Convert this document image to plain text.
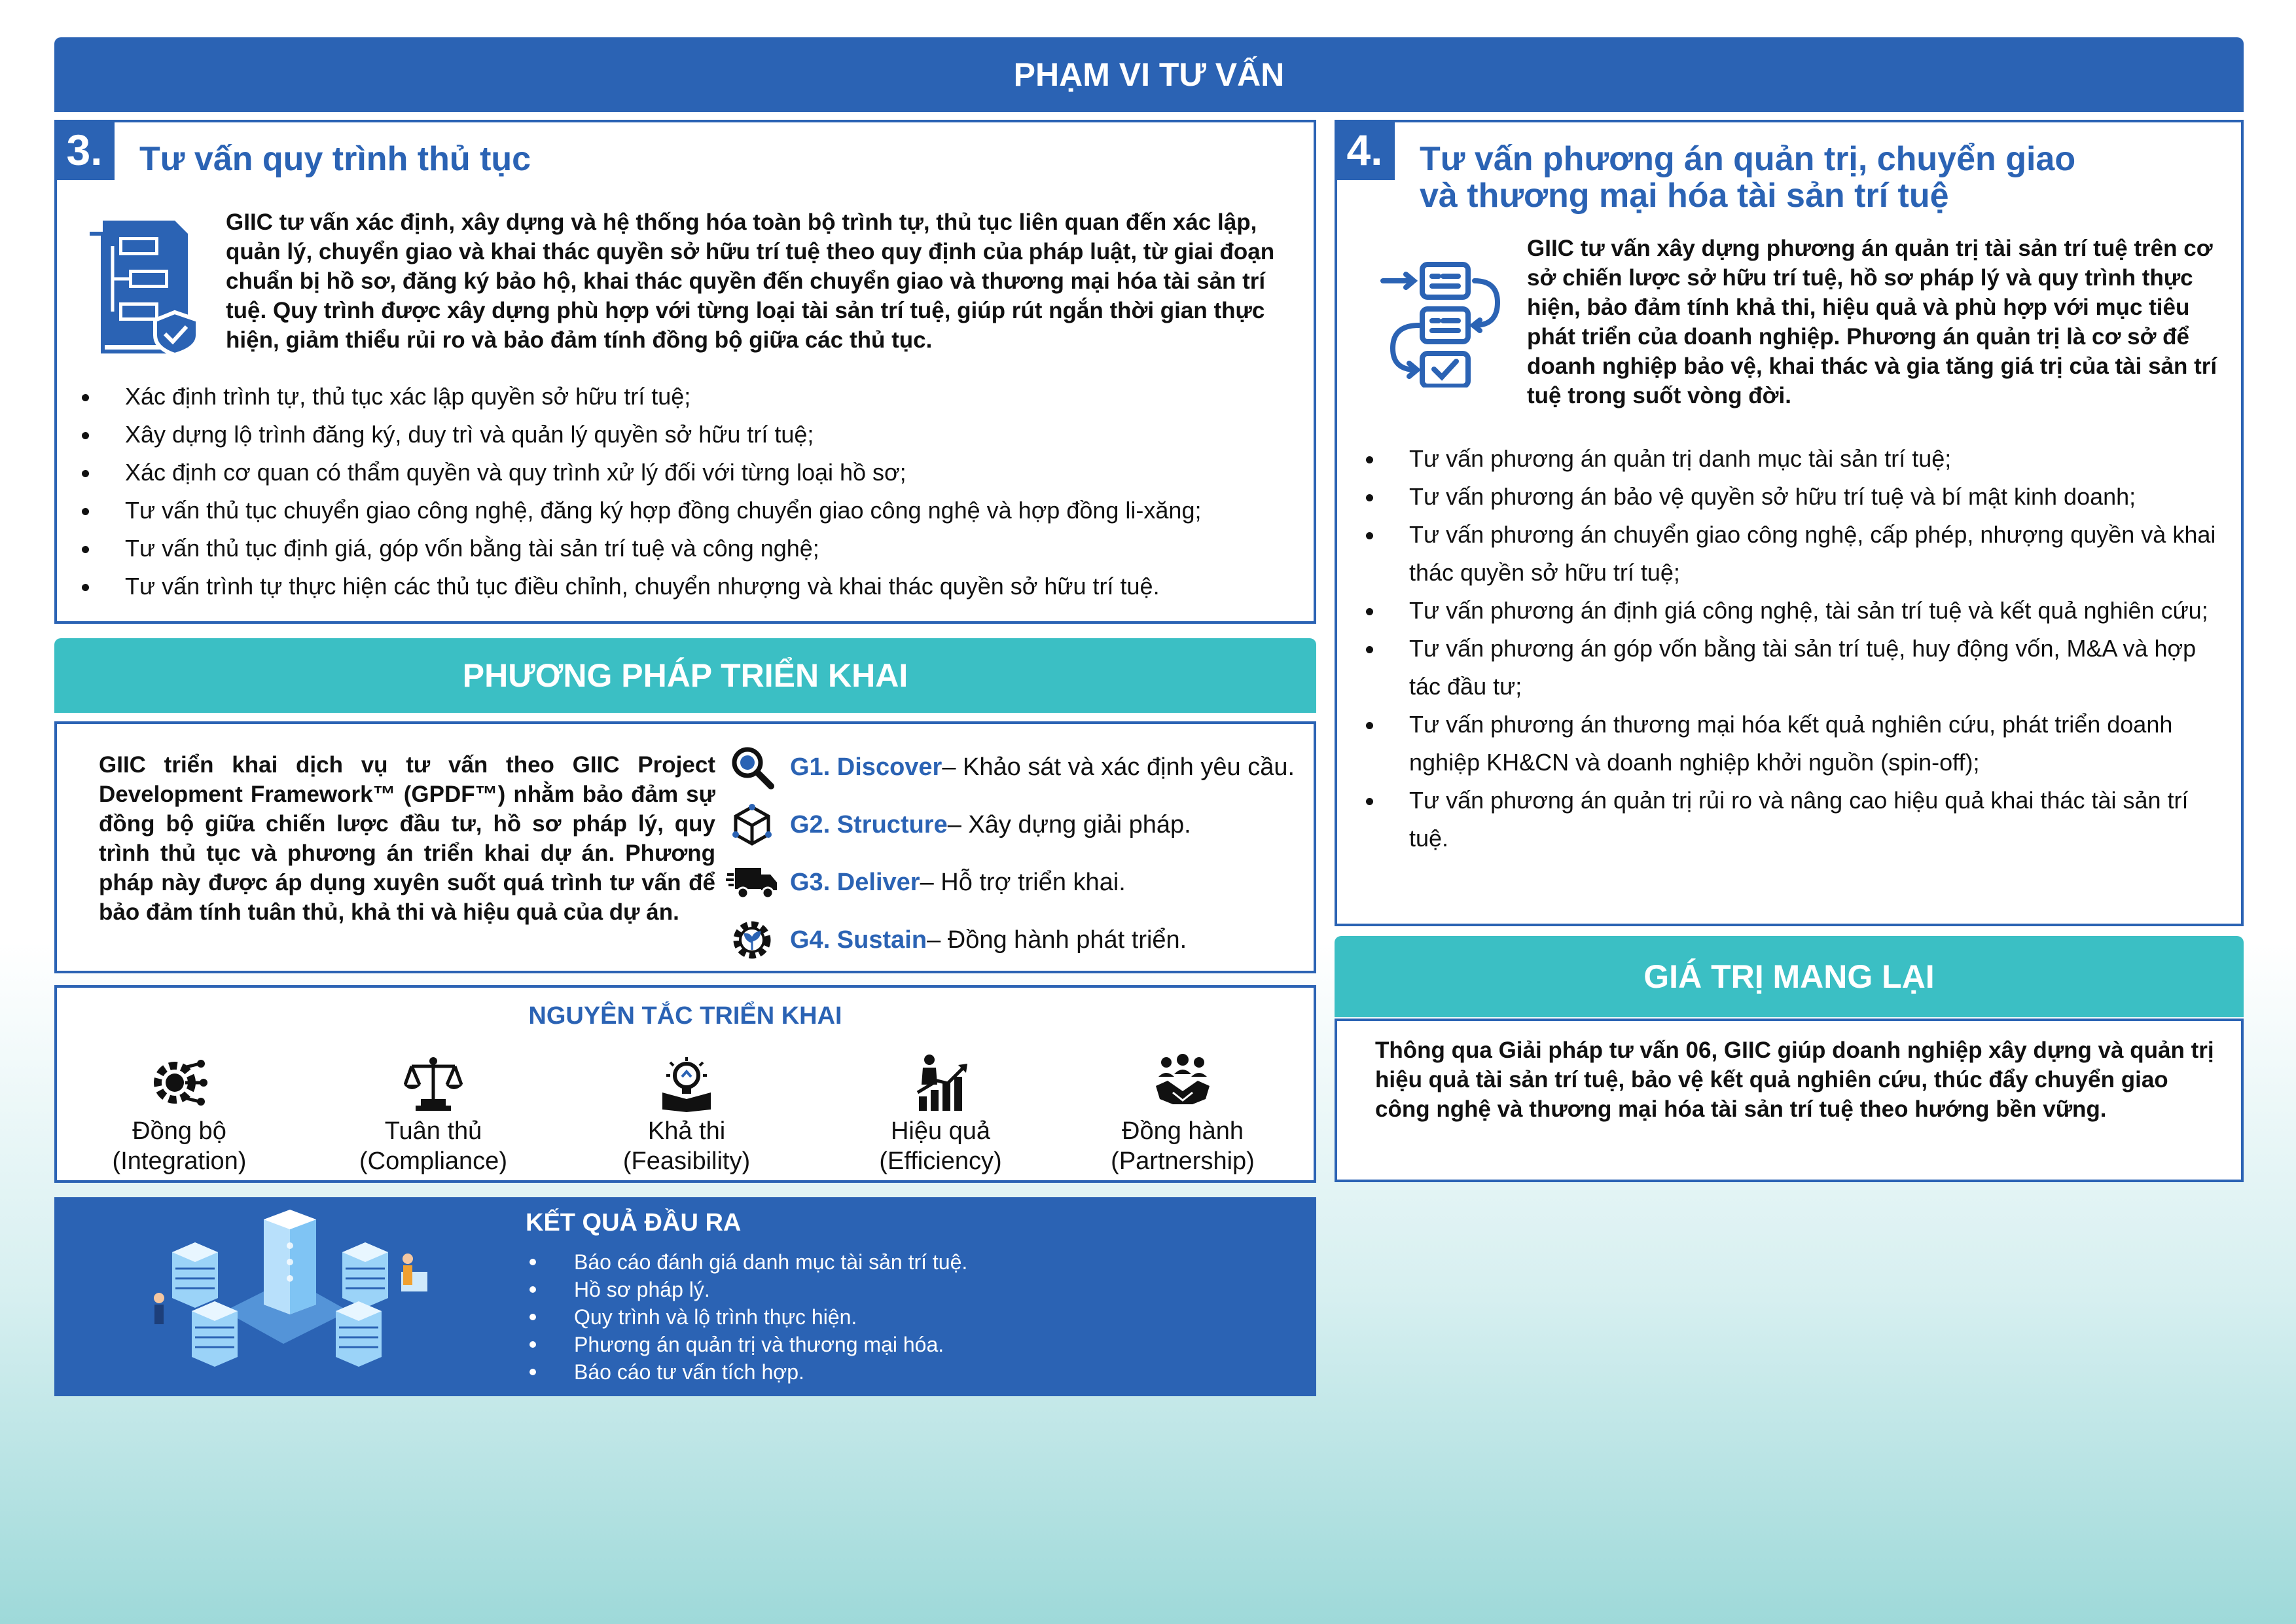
PHẠM VI TƯ VẤN
3.	Tư vấn quy trình thủ tục
GIIC tư vấn xác định, xây dựng và hệ thống hóa toàn bộ trình tự, thủ tục liên quan đến xác lập, quản lý, chuyển giao và khai thác quyền sở hữu trí tuệ theo quy định của pháp luật, từ giai đoạn chuẩn bị hồ sơ, đăng ký bảo hộ, khai thác quyền đến chuyển giao và thương mại hóa tài sản trí tuệ. Quy trình được xây dựng phù hợp với từng loại tài sản trí tuệ, giúp rút ngắn thời gian thực hiện, giảm thiểu rủi ro và bảo đảm tính đồng bộ giữa các thủ tục.
Xác định trình tự, thủ tục xác lập quyền sở hữu trí tuệ;
Xây dựng lộ trình đăng ký, duy trì và quản lý quyền sở hữu trí tuệ;
Xác định cơ quan có thẩm quyền và quy trình xử lý đối với từng loại hồ sơ;
Tư vấn thủ tục chuyển giao công nghệ, đăng ký hợp đồng chuyển giao công nghệ và hợp đồng li-xăng;
Tư vấn thủ tục định giá, góp vốn bằng tài sản trí tuệ và công nghệ;
Tư vấn trình tự thực hiện các thủ tục điều chỉnh, chuyển nhượng và khai thác quyền sở hữu trí tuệ.
4.	Tư vấn phương án quản trị, chuyển giao
và thương mại hóa tài sản trí tuệ
GIIC tư vấn xây dựng phương án quản trị tài sản trí tuệ trên cơ sở chiến lược sở hữu trí tuệ, hồ sơ pháp lý và quy trình thực hiện, bảo đảm tính khả thi, hiệu quả và phù hợp với mục tiêu phát triển của doanh nghiệp. Phương án quản trị là cơ sở để doanh nghiệp bảo vệ, khai thác và gia tăng giá trị của tài sản trí tuệ trong suốt vòng đời.
Tư vấn phương án quản trị danh mục tài sản trí tuệ;
Tư vấn phương án bảo vệ quyền sở hữu trí tuệ và bí mật kinh doanh;
Tư vấn phương án chuyển giao công nghệ, cấp phép, nhượng quyền và khai thác quyền sở hữu trí tuệ;
Tư vấn phương án định giá công nghệ, tài sản trí tuệ và kết quả nghiên cứu;
Tư vấn phương án góp vốn bằng tài sản trí tuệ, huy động vốn, M&A và hợp tác đầu tư;
Tư vấn phương án thương mại hóa kết quả nghiên cứu, phát triển doanh nghiệp KH&CN và doanh nghiệp khởi nguồn (spin-off);
Tư vấn phương án quản trị rủi ro và nâng cao hiệu quả khai thác tài sản trí tuệ.
PHƯƠNG PHÁP TRIỂN KHAI
GIIC triển khai dịch vụ tư vấn theo GIIC Project Development Framework™ (GPDF™) nhằm bảo đảm sự đồng bộ giữa chiến lược đầu tư, hồ sơ pháp lý, quy trình thủ tục và phương án triển khai dự án. Phương pháp này được áp dụng xuyên suốt quá trình tư vấn để bảo đảm tính tuân thủ, khả thi và hiệu quả của dự án.
G1. Discover – Khảo sát và xác định yêu cầu.
G2. Structure – Xây dựng giải pháp.
G3. Deliver – Hỗ trợ triển khai.
G4. Sustain – Đồng hành phát triển.
NGUYÊN TẮC TRIỂN KHAI
Đồng bộ
(Integration)
Tuân thủ
(Compliance)
Khả thi
(Feasibility)
Hiệu quả
(Efficiency)
Đồng hành
(Partnership)
KẾT QUẢ ĐẦU RA
Báo cáo đánh giá danh mục tài sản trí tuệ.
Hồ sơ pháp lý.
Quy trình và lộ trình thực hiện.
Phương án quản trị và thương mại hóa.
Báo cáo tư vấn tích hợp.
GIÁ TRỊ MANG LẠI
Thông qua Giải pháp tư vấn 06, GIIC giúp doanh nghiệp xây dựng và quản trị hiệu quả tài sản trí tuệ, bảo vệ kết quả nghiên cứu, thúc đẩy chuyển giao công nghệ và thương mại hóa tài sản trí tuệ theo hướng bền vững.
